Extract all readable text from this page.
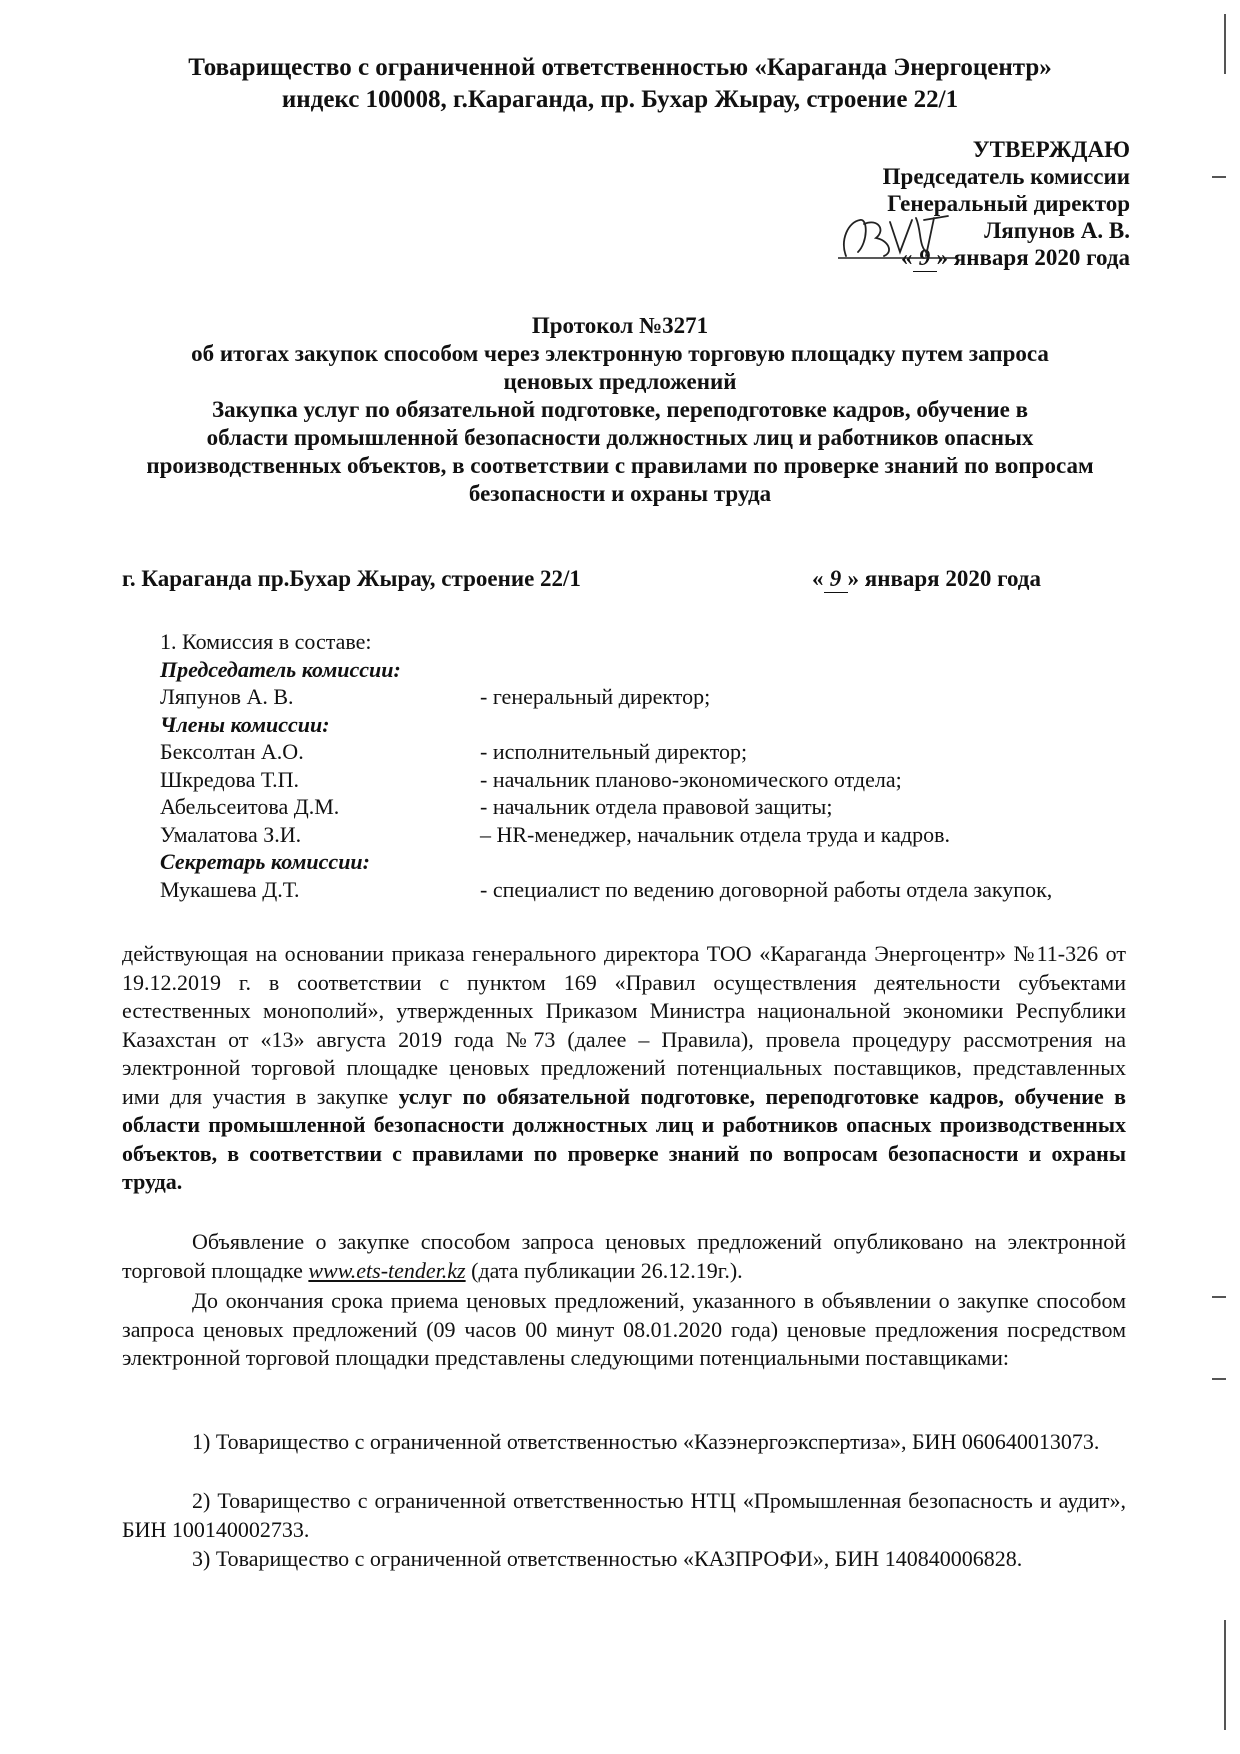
Товарищество с ограниченной ответственностью «Караганда Энергоцентр»
индекс 100008, г.Караганда, пр. Бухар Жырау, строение 22/1
УТВЕРЖДАЮ
Председатель комиссии
Генеральный директор
Ляпунов А. В.
« 9 » января 2020 года
Протокол №3271
об итогах закупок способом через электронную торговую площадку путем запроса
ценовых предложений
Закупка услуг по обязательной подготовке, переподготовке кадров, обучение в
области промышленной безопасности должностных лиц и работников опасных
производственных объектов, в соответствии с правилами по проверке знаний по вопросам
безопасности и охраны труда
г. Караганда пр.Бухар Жырау, строение 22/1	« 9 » января 2020 года
1. Комиссия в составе:
Председатель комиссии:
Ляпунов А. В.	- генеральный директор;
Члены комиссии:
Бексолтан А.О.	- исполнительный директор;
Шкредова Т.П.	- начальник планово-экономического отдела;
Абельсеитова Д.М.	- начальник отдела правовой защиты;
Умалатова З.И.	– HR-менеджер, начальник отдела труда и кадров.
Секретарь комиссии:
Мукашева Д.Т.	- специалист по ведению договорной работы отдела закупок,
действующая на основании приказа генерального директора ТОО «Караганда Энергоцентр» №11-326 от 19.12.2019 г. в соответствии с пунктом 169 «Правил осуществления деятельности субъектами естественных монополий», утвержденных Приказом Министра национальной экономики Республики Казахстан от «13» августа 2019 года №73 (далее – Правила), провела процедуру рассмотрения на электронной торговой площадке ценовых предложений потенциальных поставщиков, представленных ими для участия в закупке услуг по обязательной подготовке, переподготовке кадров, обучение в области промышленной безопасности должностных лиц и работников опасных производственных объектов, в соответствии с правилами по проверке знаний по вопросам безопасности и охраны труда.
Объявление о закупке способом запроса ценовых предложений опубликовано на электронной торговой площадке www.ets-tender.kz (дата публикации 26.12.19г.).
До окончания срока приема ценовых предложений, указанного в объявлении о закупке способом запроса ценовых предложений (09 часов 00 минут 08.01.2020 года) ценовые предложения посредством электронной торговой площадки представлены следующими потенциальными поставщиками:
1) Товарищество с ограниченной ответственностью «Казэнергоэкспертиза», БИН 060640013073.
2) Товарищество с ограниченной ответственностью НТЦ «Промышленная безопасность и аудит», БИН 100140002733.
3) Товарищество с ограниченной ответственностью «КАЗПРОФИ», БИН 140840006828.
